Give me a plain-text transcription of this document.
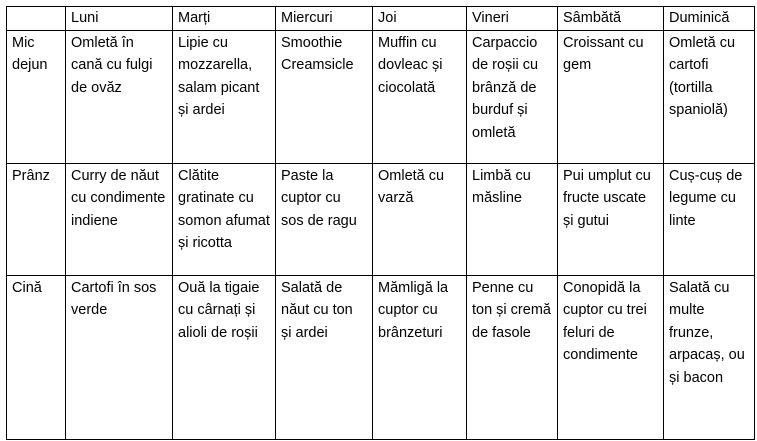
	Luni	Marți	Miercuri	Joi	Vineri	Sâmbătă	Duminică
Mic dejun	Omletă în cană cu fulgi de ovăz	Lipie cu mozzarella, salam picant și ardei	Smoothie Creamsicle	Muffin cu dovleac și ciocolată	Carpaccio de roșii cu brânză de burduf și omletă	Croissant cu gem	Omletă cu cartofi (tortilla spaniolă)
Prânz	Curry de năut cu condimente indiene	Clătite gratinate cu somon afumat și ricotta	Paste la cuptor cu sos de ragu	Omletă cu varză	Limbă cu măsline	Pui umplut cu fructe uscate și gutui	Cuș-cuș de legume cu linte
Cină	Cartofi în sos verde	Ouă la tigaie cu cârnați și alioli de roșii	Salată de năut cu ton și ardei	Mămligă la cuptor cu brânzeturi	Penne cu ton și cremă de fasole	Conopidă la cuptor cu trei feluri de condimente	Salată cu multe frunze, arpacaș, ou și bacon
